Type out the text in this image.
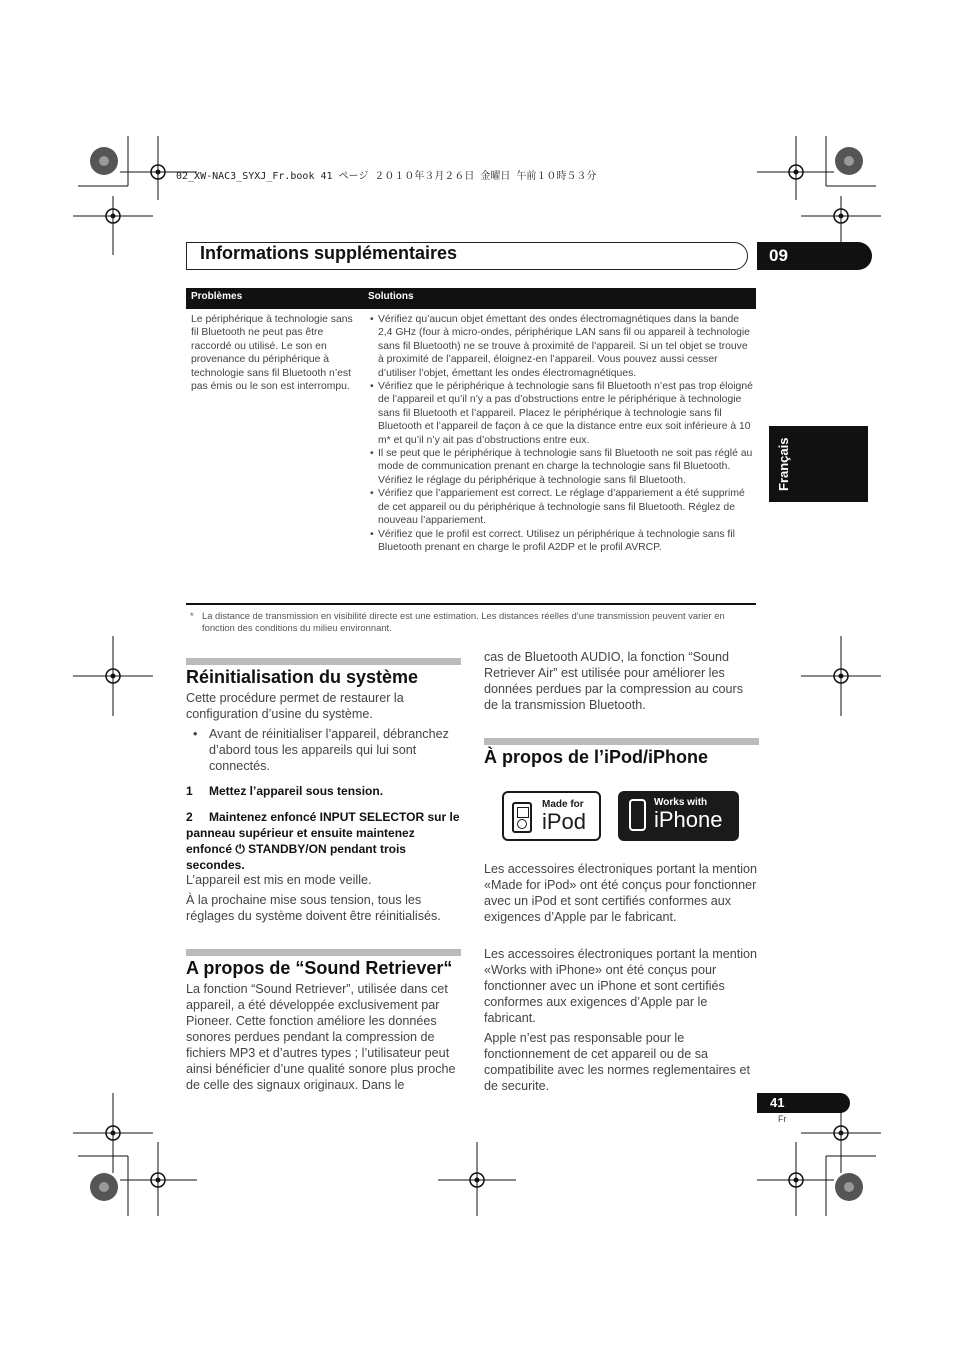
02_XW-NAC3_SYXJ_Fr.book 41 ページ ２０１０年３月２６日 金曜日 午前１０時５３分
Informations supplémentaires	09
Français
Problèmes	Solutions
Le périphérique à technologie sans fil Bluetooth ne peut pas être raccordé ou utilisé. Le son en provenance du périphérique à technologie sans fil Bluetooth n’est pas émis ou le son est interrompu.
• Vérifiez qu’aucun objet émettant des ondes électromagnétiques dans la bande 2,4 GHz (four à micro-ondes, périphérique LAN sans fil ou appareil à technologie sans fil Bluetooth) ne se trouve à proximité de l’appareil. Si un tel objet se trouve à proximité de l’appareil, éloignez-en l’appareil. Vous pouvez aussi cesser d’utiliser l’objet, émettant les ondes électromagnétiques.
• Vérifiez que le périphérique à technologie sans fil Bluetooth n’est pas trop éloigné de l’appareil et qu’il n’y a pas d’obstructions entre le périphérique à technologie sans fil Bluetooth et l’appareil. Placez le périphérique à technologie sans fil Bluetooth et l’appareil de façon à ce que la distance entre eux soit inférieure à 10 m* et qu’il n’y ait pas d’obstructions entre eux.
• Il se peut que le périphérique à technologie sans fil Bluetooth ne soit pas réglé au mode de communication prenant en charge la technologie sans fil Bluetooth. Vérifiez le réglage du périphérique à technologie sans fil Bluetooth.
• Vérifiez que l’appariement est correct. Le réglage d’appariement a été supprimé de cet appareil ou du périphérique à technologie sans fil Bluetooth. Réglez de nouveau l’appariement.
• Vérifiez que le profil est correct. Utilisez un périphérique à technologie sans fil Bluetooth prenant en charge le profil A2DP et le profil AVRCP.
* La distance de transmission en visibilité directe est une estimation. Les distances réelles d’une transmission peuvent varier en fonction des conditions du milieu environnant.
Réinitialisation du système
Cette procédure permet de restaurer la configuration d’usine du système.
• Avant de réinitialiser l’appareil, débranchez d’abord tous les appareils qui lui sont connectés.
1 Mettez l’appareil sous tension.
2	Maintenez enfoncé INPUT SELECTOR sur le panneau supérieur et ensuite maintenez enfoncé ⏻ STANDBY/ON pendant trois secondes.
L’appareil est mis en mode veille.
À la prochaine mise sous tension, tous les réglages du système doivent être réinitialisés.
A propos de “Sound Retriever“
La fonction “Sound Retriever”, utilisée dans cet appareil, a été développée exclusivement par Pioneer. Cette fonction améliore les données sonores perdues pendant la compression de fichiers MP3 et d’autres types ; l’utilisateur peut ainsi bénéficier d’une qualité sonore plus proche de celle des signaux originaux. Dans le
cas de Bluetooth AUDIO, la fonction “Sound Retriever Air” est utilisée pour améliorer les données perdues par la compression au cours de la transmission Bluetooth.
À propos de l’iPod/iPhone
Made for
iPod
Works with
iPhone
Les accessoires électroniques portant la mention «Made for iPod» ont été conçus pour fonctionner avec un iPod et sont certifiés conformes aux exigences d’Apple par le fabricant.
Les accessoires électroniques portant la mention «Works with iPhone» ont été conçus pour fonctionner avec un iPhone et sont certifiés conformes aux exigences d’Apple par le fabricant.
Apple n’est pas responsable pour le fonctionnement de cet appareil ou de sa compatibilite avec les normes reglementaires et de securite.
41
Fr
